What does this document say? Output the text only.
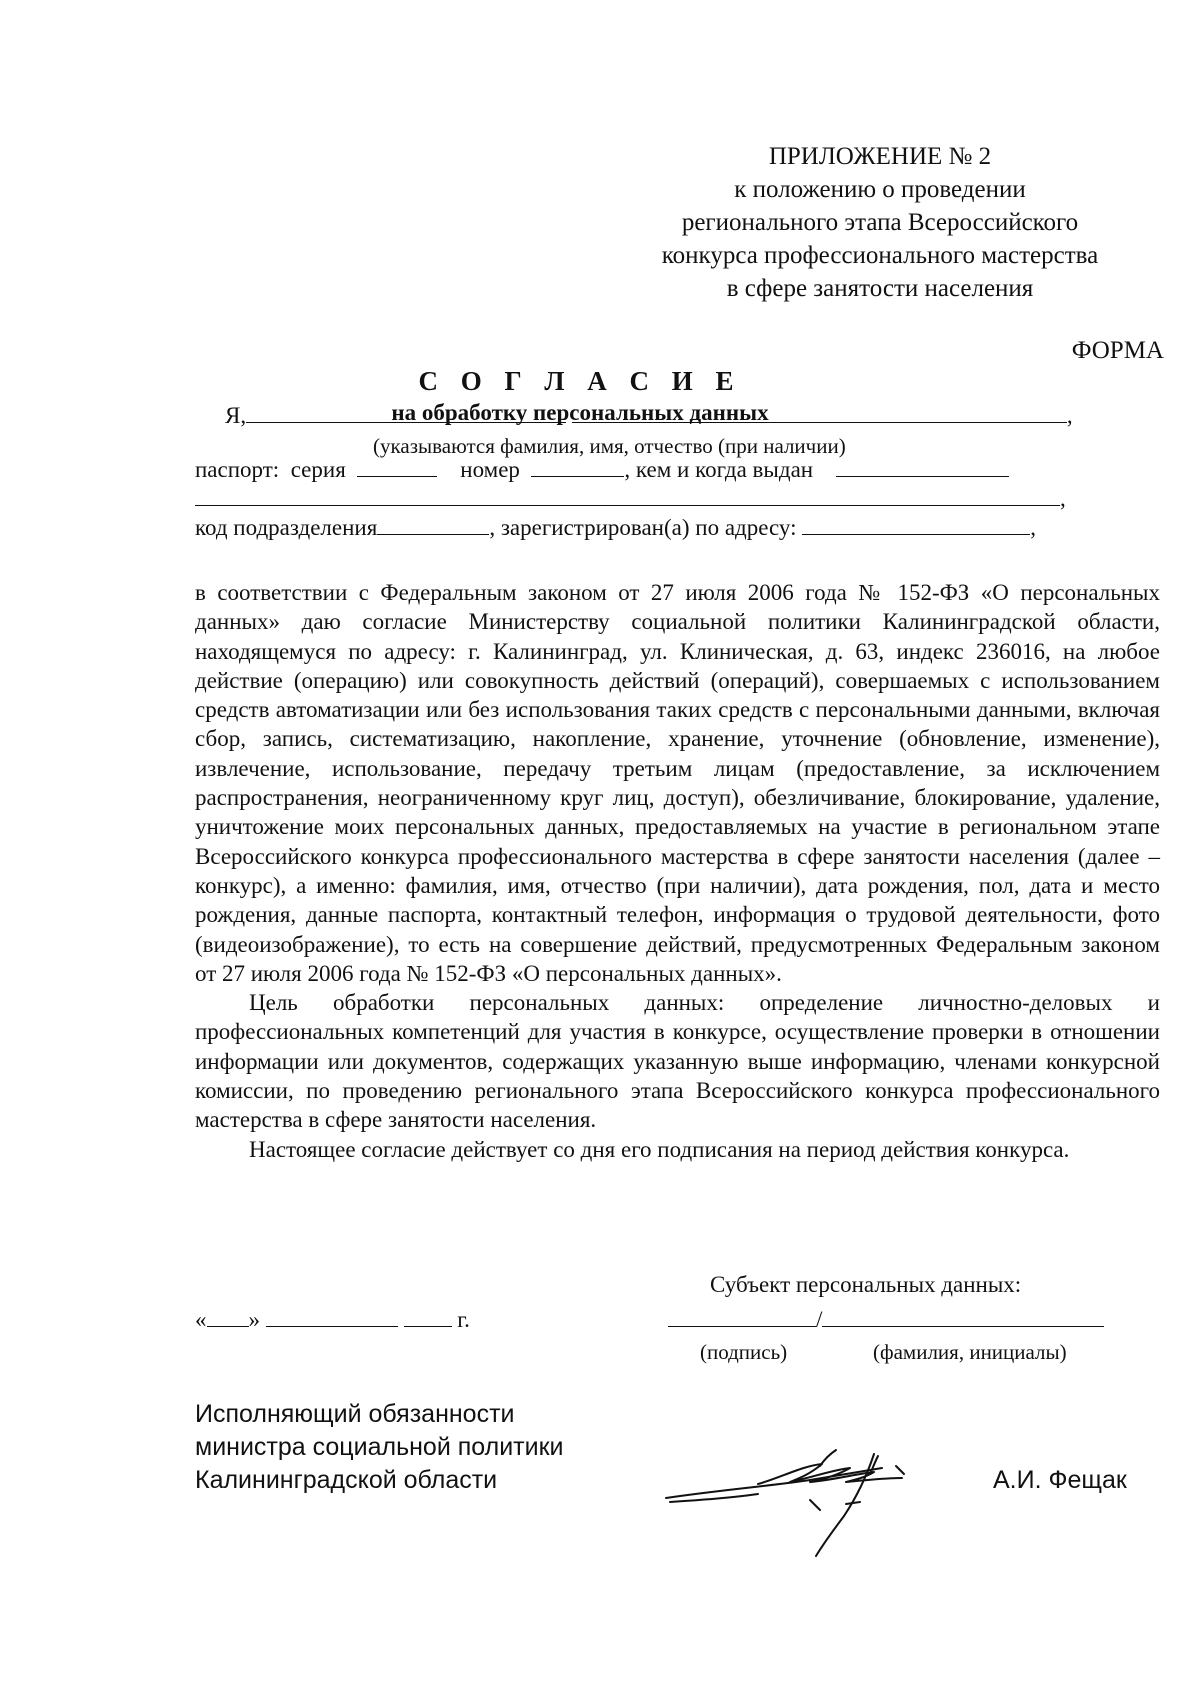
ПРИЛОЖЕНИЕ № 2
к положению о проведении
регионального этапа Всероссийского
конкурса профессионального мастерства
в сфере занятости населения
ФОРМА
С О Г Л А С И Е
на обработку персональных данных
Я,	,
(указываются фамилия, имя, отчество (при наличии)
паспорт: серия	номер	, кем и когда выдан
,
код подразделения	, зарегистрирован(а) по адресу:	,

в соответствии с Федеральным законом от 27 июля 2006 года № 152-ФЗ «О персональных данных» даю согласие Министерству социальной политики Калининградской области, находящемуся по адресу: г. Калининград, ул. Клиническая, д. 63, индекс 236016, на любое действие (операцию) или совокупность действий (операций), совершаемых с использованием средств автоматизации или без использования таких средств с персональными данными, включая сбор, запись, систематизацию, накопление, хранение, уточнение (обновление, изменение), извлечение, использование, передачу третьим лицам (предоставление, за исключением распространения, неограниченному круг лиц, доступ), обезличивание, блокирование, удаление, уничтожение моих персональных данных, предоставляемых на участие в региональном этапе Всероссийского конкурса профессионального мастерства в сфере занятости населения (далее – конкурс), а именно: фамилия, имя, отчество (при наличии), дата рождения, пол, дата и место рождения, данные паспорта, контактный телефон, информация о трудовой деятельности, фото (видеоизображение), то есть на совершение действий, предусмотренных Федеральным законом от 27 июля 2006 года № 152-ФЗ «О персональных данных».

Цель обработки персональных данных: определение личностно-деловых и профессиональных компетенций для участия в конкурсе, осуществление проверки в отношении информации или документов, содержащих указанную выше информацию, членами конкурсной комиссии, по проведению регионального этапа Всероссийского конкурса профессионального мастерства в сфере занятости населения.

Настоящее согласие действует со дня его подписания на период действия конкурса.

Субъект персональных данных:
« »	г.	/
(подпись)	(фамилия, инициалы)
Исполняющий обязанности
министра социальной политики
Калининградской области	А.И. Фещак
